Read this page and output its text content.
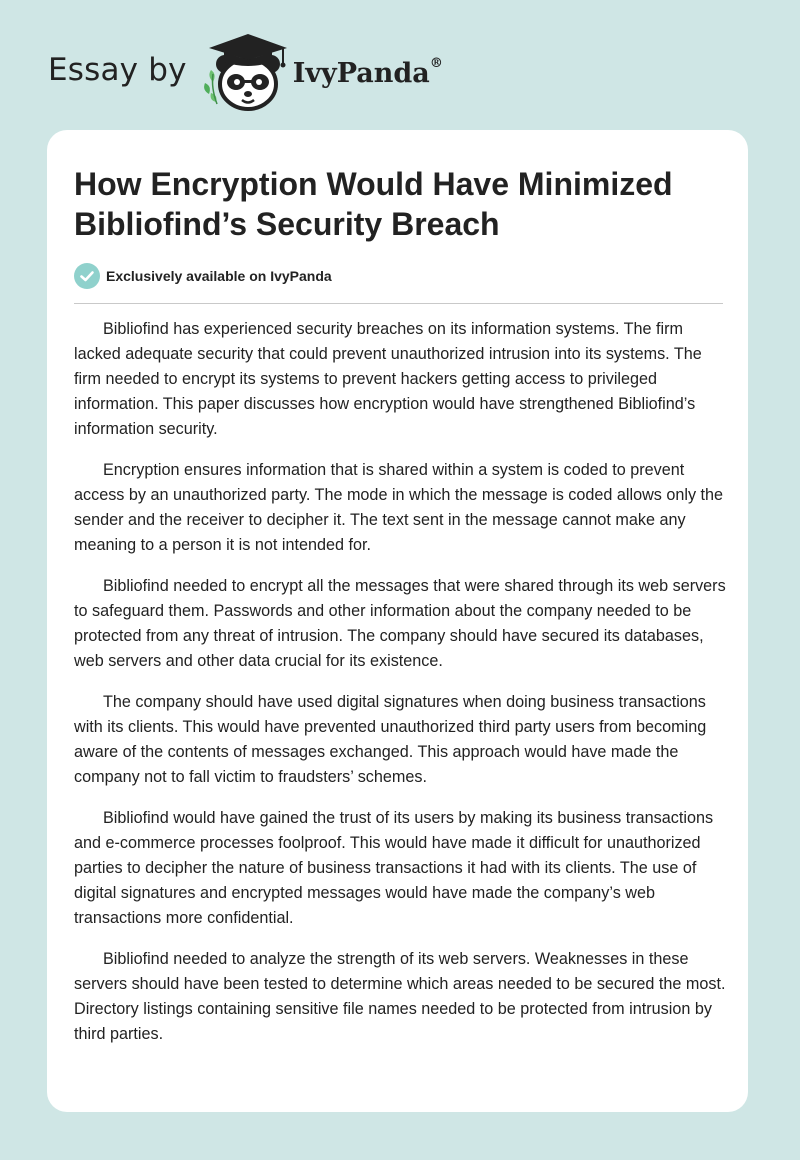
Essay by	IvyPanda®
How Encryption Would Have Minimized Bibliofind’s Security Breach
Exclusively available on IvyPanda

Bibliofind has experienced security breaches on its information systems. The firm lacked adequate security that could prevent unauthorized intrusion into its systems. The firm needed to encrypt its systems to prevent hackers getting access to privileged information. This paper discusses how encryption would have strengthened Bibliofind’s information security.

Encryption ensures information that is shared within a system is coded to prevent access by an unauthorized party. The mode in which the message is coded allows only the sender and the receiver to decipher it. The text sent in the message cannot make any meaning to a person it is not intended for.

Bibliofind needed to encrypt all the messages that were shared through its web servers to safeguard them. Passwords and other information about the company needed to be protected from any threat of intrusion. The company should have secured its databases, web servers and other data crucial for its existence.

The company should have used digital signatures when doing business transactions with its clients. This would have prevented unauthorized third party users from becoming aware of the contents of messages exchanged. This approach would have made the company not to fall victim to fraudsters’ schemes.

Bibliofind would have gained the trust of its users by making its business transactions and e-commerce processes foolproof. This would have made it difficult for unauthorized parties to decipher the nature of business transactions it had with its clients. The use of digital signatures and encrypted messages would have made the company’s web transactions more confidential.

Bibliofind needed to analyze the strength of its web servers. Weaknesses in these servers should have been tested to determine which areas needed to be secured the most. Directory listings containing sensitive file names needed to be protected from intrusion by third parties.
